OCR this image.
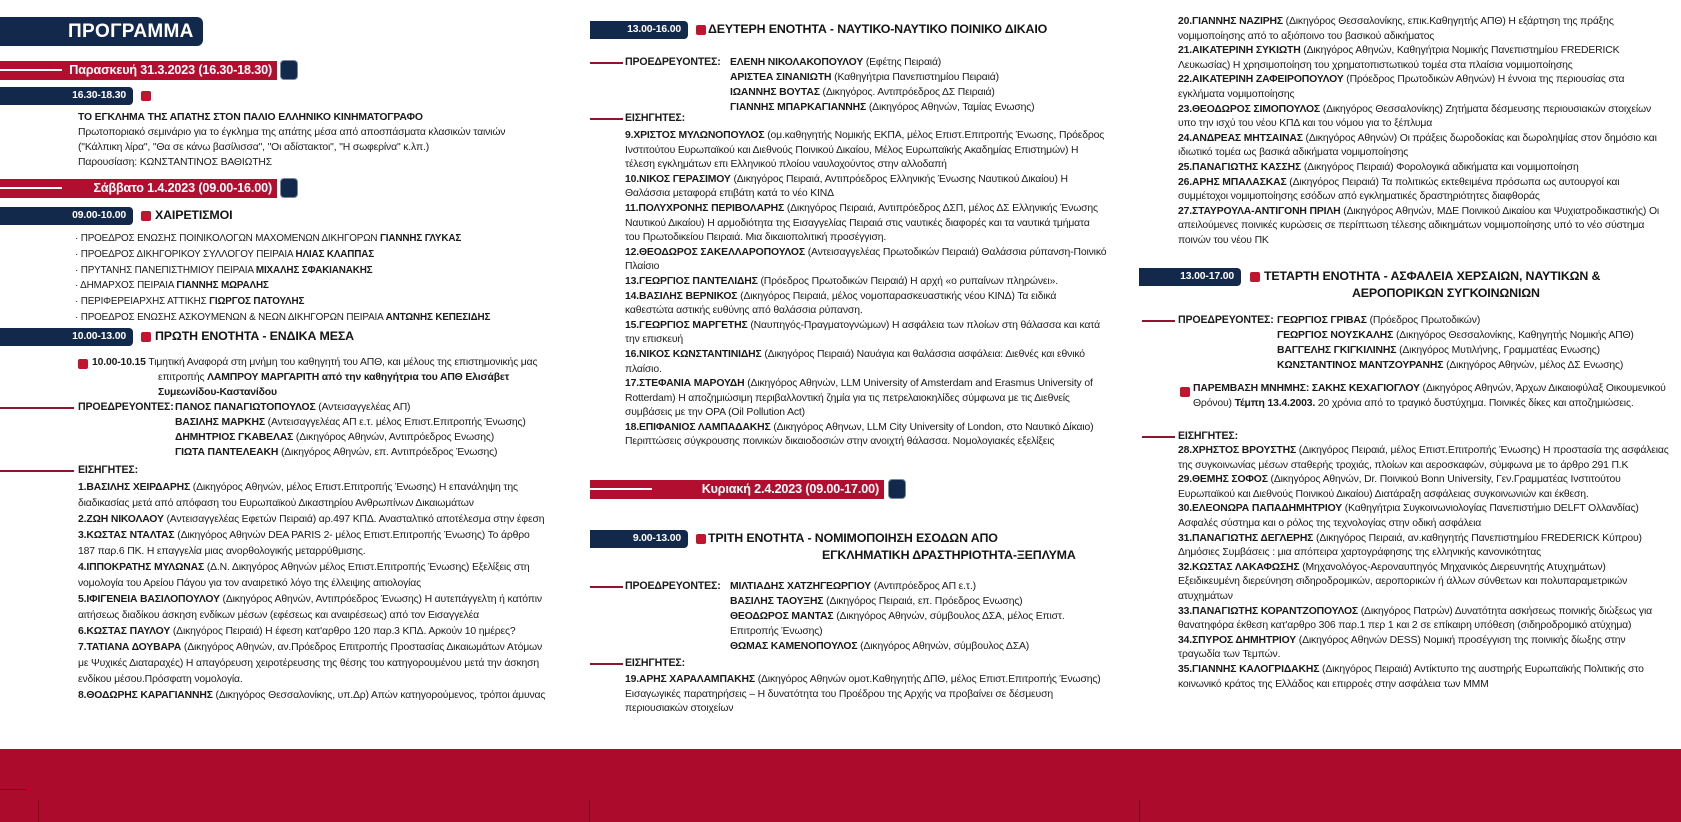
ΠΡΟΓΡΑΜΜΑ
Παρασκευή 31.3.2023 (16.30-18.30)
16.30-18.30
ΤΟ ΕΓΚΛΗΜΑ ΤΗΣ ΑΠΑΤΗΣ ΣΤΟΝ ΠΑΛΙΟ ΕΛΛΗΝΙΚΟ ΚΙΝΗΜΑΤΟΓΡΑΦΟ
Πρωτοποριακό σεμινάριο για το έγκλημα της απάτης μέσα από αποσπάσματα κλασικών ταινιών ("Κάλπικη λίρα", "Θα σε κάνω βασίλισσα", "Οι αδίστακτοι", "Η σωφερίνα" κ.λπ.)
Παρουσίαση: ΚΩΝΣΤΑΝΤΙΝΟΣ ΒΑΘΙΩΤΗΣ
Σάββατο 1.4.2023 (09.00-16.00)
09.00-10.00	ΧΑΙΡΕΤΙΣΜΟΙ
· ΠΡΟΕΔΡΟΣ ΕΝΩΣΗΣ ΠΟΙΝΙΚΟΛΟΓΩΝ ΜΑΧΟΜΕΝΩΝ ΔΙΚΗΓΟΡΩΝ ΓΙΑΝΝΗΣ ΓΛΥΚΑΣ
· ΠΡΟΕΔΡΟΣ ΔΙΚΗΓΟΡΙΚΟΥ ΣΥΛΛΟΓΟΥ ΠΕΙΡΑΙΑ ΗΛΙΑΣ ΚΛΑΠΠΑΣ
· ΠΡΥΤΑΝΗΣ ΠΑΝΕΠΙΣΤΗΜΙΟΥ ΠΕΙΡΑΙΑ ΜΙΧΑΛΗΣ ΣΦΑΚΙΑΝΑΚΗΣ
· ΔΗΜΑΡΧΟΣ ΠΕΙΡΑΙΑ ΓΙΑΝΝΗΣ ΜΩΡΑΛΗΣ
· ΠΕΡΙΦΕΡΕΙΑΡΧΗΣ ΑΤΤΙΚΗΣ ΓΙΩΡΓΟΣ ΠΑΤΟΥΛΗΣ
· ΠΡΟΕΔΡΟΣ ΕΝΩΣΗΣ ΑΣΚΟΥΜΕΝΩΝ & ΝΕΩΝ ΔΙΚΗΓΟΡΩΝ ΠΕΙΡΑΙΑ ΑΝΤΩΝΗΣ ΚΕΠΕΣΙΔΗΣ
10.00-13.00	ΠΡΩΤΗ ΕΝΟΤΗΤΑ - ΕΝΔΙΚΑ ΜΕΣΑ
10.00-10.15 Τιμητική Αναφορά στη μνήμη του καθηγητή του ΑΠΘ, και μέλους της επιστημονικής μας επιτροπής ΛΑΜΠΡΟΥ ΜΑΡΓΑΡΙΤΗ από την καθηγήτρια του ΑΠΘ Ελισάβετ Συμεωνίδου-Καστανίδου
ΠΡΟΕΔΡΕΥΟΝΤΕΣ: ΠΑΝΟΣ ΠΑΝΑΓΙΩΤΟΠΟΥΛΟΣ (Αντεισαγγελέας ΑΠ)
ΒΑΣΙΛΗΣ ΜΑΡΚΗΣ (Αντεισαγγελέας ΑΠ ε.τ. μέλος Επιστ.Επιτροπής Ένωσης)
ΔΗΜΗΤΡΙΟΣ ΓΚΑΒΕΛΑΣ (Δικηγόρος Αθηνών, Αντιπρόεδρος Ενωσης)
ΓΙΩΤΑ ΠΑΝΤΕΛΕΑΚΗ (Δικηγόρος Αθηνών, επ. Αντιπρόεδρος Ένωσης)
ΕΙΣΗΓΗΤΕΣ:
1.ΒΑΣΙΛΗΣ ΧΕΙΡΔΑΡΗΣ (Δικηγόρος Αθηνών, μέλος Επιστ.Επιτροπής Ένωσης) Η επανάληψη της διαδικασίας μετά από απόφαση του Ευρωπαϊκού Δικαστηρίου Ανθρωπίνων Δικαιωμάτων
2.ΖΩΗ ΝΙΚΟΛΑΟΥ (Αντεισαγγελέας Εφετών Πειραιά) αρ.497 ΚΠΔ. Ανασταλτικό αποτέλεσμα στην έφεση
3.ΚΩΣΤΑΣ ΝΤΑΛΤΑΣ (Δικηγόρος Αθηνών DEA PARIS 2- μέλος Επιστ.Επιτροπής Ένωσης) Το άρθρο 187 παρ.6 ΠΚ. Η επαγγελία μιας ανορθολογικής μεταρρύθμισης.
4.ΙΠΠΟΚΡΑΤΗΣ ΜΥΛΩΝΑΣ (Δ.Ν. Δικηγόρος Αθηνών μέλος Επιστ.Επιτροπής Ένωσης) Εξελίξεις στη νομολογία του Αρείου Πάγου για τον αναιρετικό λόγο της έλλειψης αιτιολογίας
5.ΙΦΙΓΕΝΕΙΑ ΒΑΣΙΛΟΠΟΥΛΟΥ (Δικηγόρος Αθηνών, Αντιπρόεδρος Ένωσης) Η αυτεπάγγελτη ή κατόπιν αιτήσεως διαδίκου άσκηση ενδίκων μέσων (εφέσεως και αναιρέσεως) από τον Εισαγγελέα
6.ΚΩΣΤΑΣ ΠΑΥΛΟΥ (Δικηγόρος Πειραιά) Η έφεση κατ'αρθρο 120 παρ.3 ΚΠΔ. Αρκούν 10 ημέρες?
7.ΤΑΤΙΑΝΑ ΔΟΥΒΑΡΑ (Δικηγόρος Αθηνών, αν.Πρόεδρος Επιτροπής Προστασίας Δικαιωμάτων Ατόμων με Ψυχικές Διαταραχές) Η απαγόρευση χειροτέρευσης της θέσης του κατηγορουμένου μετά την άσκηση ενδίκου μέσου.Πρόσφατη νομολογία.
8.ΘΟΔΩΡΗΣ ΚΑΡΑΓΙΑΝΝΗΣ (Δικηγόρος Θεσσαλονίκης, υπ.Δρ) Απών κατηγορούμενος, τρόποι άμυνας
13.00-16.00	ΔΕΥΤΕΡΗ ΕΝΟΤΗΤΑ - ΝΑΥΤΙΚΟ-ΝΑΥΤΙΚΟ ΠΟΙΝΙΚΟ ΔΙΚΑΙΟ
ΠΡΟΕΔΡΕΥΟΝΤΕΣ: ΕΛΕΝΗ ΝΙΚΟΛΑΚΟΠΟΥΛΟΥ (Εφέτης Πειραιά)
ΑΡΙΣΤΕΑ ΣΙΝΑΝΙΩΤΗ (Καθηγήτρια Πανεπιστημίου Πειραιά)
ΙΩΑΝΝΗΣ ΒΟΥΤΑΣ (Δικηγόρος. Αντιπρόεδρος ΔΣ Πειραιά)
ΓΙΑΝΝΗΣ ΜΠΑΡΚΑΓΙΑΝΝΗΣ (Δικηγόρος Αθηνών, Ταμίας Ενωσης)
ΕΙΣΗΓΗΤΕΣ:
9.ΧΡΙΣΤΟΣ ΜΥΛΩΝΟΠΟΥΛΟΣ (ομ.καθηγητής Νομικής ΕΚΠΑ, μέλος Επιστ.Επιτροπής Ένωσης, Πρόεδρος Ινστιτούτου Ευρωπαϊκού και Διεθνούς Ποινικού Δικαίου, Μέλος Ευρωπαϊκής Ακαδημίας Επιστημών) Η τέλεση εγκλημάτων επι Ελληνικού πλοίου ναυλοχούντος στην αλλοδαπή
10.ΝΙΚΟΣ ΓΕΡΑΣΙΜΟΥ (Δικηγόρος Πειραιά, Αντιπρόεδρος Ελληνικής Ένωσης Ναυτικού Δικαίου) Η Θαλάσσια μεταφορά επιβάτη κατά το νέο ΚΙΝΔ
11.ΠΟΛΥΧΡΟΝΗΣ ΠΕΡΙΒΟΛΑΡΗΣ (Δικηγόρος Πειραιά, Αντιπρόεδρος ΔΣΠ, μέλος ΔΣ Ελληνικής Ένωσης Ναυτικού Δικαίου) Η αρμοδιότητα της Εισαγγελίας Πειραιά στις ναυτικές διαφορές και τα ναυτικά τμήματα του Πρωτοδικείου Πειραιά. Μια δικαιοπολιτική προσέγγιση.
12.ΘΕΟΔΩΡΟΣ ΣΑΚΕΛΛΑΡΟΠΟΥΛΟΣ (Αντεισαγγελέας Πρωτοδικών Πειραιά) Θαλάσσια ρύπανση-Ποινικό Πλαίσιο
13.ΓΕΩΡΓΙΟΣ ΠΑΝΤΕΛΙΔΗΣ (Πρόεδρος Πρωτοδικών Πειραιά) Η αρχή «ο ρυπαίνων πληρώνει».
14.ΒΑΣΙΛΗΣ ΒΕΡΝΙΚΟΣ (Δικηγόρος Πειραιά, μέλος νομοπαρασκευαστικής νέου ΚΙΝΔ) Τα ειδικά καθεστώτα αστικής ευθύνης από θαλάσσια ρύπανση.
15.ΓΕΩΡΓΙΟΣ ΜΑΡΓΕΤΗΣ (Ναυπηγός-Πραγματογνώμων) Η ασφάλεια των πλοίων στη θάλασσα και κατά την επισκευή
16.ΝΙΚΟΣ ΚΩΝΣΤΑΝΤΙΝΙΔΗΣ (Δικηγόρος Πειραιά) Ναυάγια και θαλάσσια ασφάλεια: Διεθνές και εθνικό πλαίσιο.
17.ΣΤΕΦΑΝΙΑ ΜΑΡΟΥΔΗ (Δικηγόρος Αθηνών, LLM University of Amsterdam and Erasmus University of Rotterdam) Η αποζημιώσιμη περιβαλλοντική ζημία για τις πετρελαιοκηλίδες σύμφωνα με τις Διεθνείς συμβάσεις με την OPA (Oil Pollution Act)
18.ΕΠΙΦΑΝΙΟΣ ΛΑΜΠΑΔΑΚΗΣ (Δικηγόρος Αθηνων, LLM City University of London, στο Ναυτικό Δίκαιο) Περιπτώσεις σύγκρουσης ποινικών δικαιοδοσιών στην ανοιχτή θάλασσα. Νομολογιακές εξελίξεις
Κυριακή 2.4.2023 (09.00-17.00)
9.00-13.00	ΤΡΙΤΗ ΕΝΟΤΗΤΑ - ΝΟΜΙΜΟΠΟΙΗΣΗ ΕΣΟΔΩΝ ΑΠΟ
ΕΓΚΛΗΜΑΤΙΚΗ ΔΡΑΣΤΗΡΙΟΤΗΤΑ-ΞΕΠΛΥΜΑ
ΠΡΟΕΔΡΕΥΟΝΤΕΣ: ΜΙΛΤΙΑΔΗΣ ΧΑΤΖΗΓΕΩΡΓΙΟΥ (Αντιπρόεδρος ΑΠ ε.τ.)
ΒΑΣΙΛΗΣ ΤΑΟΥΞΗΣ (Δικηγόρος Πειραιά, επ. Πρόεδρος Ενωσης)
ΘΕΟΔΩΡΟΣ ΜΑΝΤΑΣ (Δικηγόρος Αθηνών, σύμβουλος ΔΣΑ, μέλος Επιστ. Επιτροπής Ένωσης)
ΘΩΜΑΣ ΚΑΜΕΝΟΠΟΥΛΟΣ (Δικηγόρος Αθηνών, σύμβουλος ΔΣΑ)
ΕΙΣΗΓΗΤΕΣ:
19.ΑΡΗΣ ΧΑΡΑΛΑΜΠΑΚΗΣ (Δικηγόρος Αθηνών ομοτ.Καθηγητής ΔΠΘ, μέλος Επιστ.Επιτροπής Ένωσης) Εισαγωγικές παρατηρήσεις – Η δυνατότητα του Προέδρου της Αρχής να προβαίνει σε δέσμευση περιουσιακών στοιχείων
20.ΓΙΑΝΝΗΣ ΝΑΖΙΡΗΣ (Δικηγόρος Θεσσαλονίκης, επικ.Καθηγητής ΑΠΘ) Η εξάρτηση της πράξης νομιμοποίησης από το αξιόποινο του βασικού αδικήματος
21.ΑΙΚΑΤΕΡΙΝΗ ΣΥΚΙΩΤΗ (Δικηγόρος Αθηνών, Καθηγήτρια Νομικής Πανεπιστημίου FREDERICK Λευκωσίας) Η χρησιμοποίηση του χρηματοπιστωτικού τομέα στα πλαίσια νομιμοποίησης
22.ΑΙΚΑΤΕΡΙΝΗ ΖΑΦΕΙΡΟΠΟΥΛΟΥ (Πρόεδρος Πρωτοδικών Αθηνών) Η έννοια της περιουσίας στα εγκλήματα νομιμοποίησης
23.ΘΕΟΔΩΡΟΣ ΣΙΜΟΠΟΥΛΟΣ (Δικηγόρος Θεσσαλονίκης) Ζητήματα δέσμευσης περιουσιακών στοιχείων υπο την ισχύ του νέου ΚΠΔ και του νόμου για το ξέπλυμα
24.ΑΝΔΡΕΑΣ ΜΗΤΣΑΙΝΑΣ (Δικηγόρος Αθηνών) Οι πράξεις δωροδοκίας και δωροληψίας στον δημόσιο και ιδιωτικό τομέα ως βασικά αδικήματα νομιμοποίησης
25.ΠΑΝΑΓΙΩΤΗΣ ΚΑΣΣΗΣ (Δικηγόρος Πειραιά) Φορολογικά αδικήματα και νομιμοποίηση
26.ΑΡΗΣ ΜΠΑΛΑΣΚΑΣ (Δικηγόρος Πειραιά) Τα πολιτικώς εκτεθειμένα πρόσωπα ως αυτουργοί και συμμέτοχοι νομιμοποίησης εσόδων από εγκληματικές δραστηριότητες διαφθοράς
27.ΣΤΑΥΡΟΥΛΑ-ΑΝΤΙΓΟΝΗ ΠΡΙΛΗ (Δικηγόρος Αθηνών, ΜΔΕ Ποινικού Δικαίου και Ψυχιατροδικαστικής) Οι απειλούμενες ποινικές κυρώσεις σε περίπτωση τέλεσης αδικημάτων νομιμοποίησης υπό το νέο σύστημα ποινών του νέου ΠΚ
13.00-17.00	ΤΕΤΑΡΤΗ ΕΝΟΤΗΤΑ - ΑΣΦΑΛΕΙΑ ΧΕΡΣΑΙΩΝ, ΝΑΥΤΙΚΩΝ &
ΑΕΡΟΠΟΡΙΚΩΝ ΣΥΓΚΟΙΝΩΝΙΩΝ
ΠΡΟΕΔΡΕΥΟΝΤΕΣ: ΓΕΩΡΓΙΟΣ ΓΡΙΒΑΣ (Πρόεδρος Πρωτοδικών)
ΓΕΩΡΓΙΟΣ ΝΟΥΣΚΑΛΗΣ (Δικηγόρος Θεσσαλονίκης, Καθηγητής Νομικής ΑΠΘ)
ΒΑΓΓΕΛΗΣ ΓΚΙΓΚΙΛΙΝΗΣ (Δικηγόρος Μυτιλήνης, Γραμματέας Ενωσης)
ΚΩΝΣΤΑΝΤΙΝΟΣ ΜΑΝΤΖΟΥΡΑΝΗΣ (Δικηγόρος Αθηνών, μέλος ΔΣ Ενωσης)
ΠΑΡΕΜΒΑΣΗ ΜΝΗΜΗΣ: ΣΑΚΗΣ ΚΕΧΑΓΙΟΓΛΟΥ (Δικηγόρος Αθηνών, Άρχων Δικαιοφύλαξ Οικουμενικού Θρόνου) Τέμπη 13.4.2003. 20 χρόνια από το τραγικό δυστύχημα. Ποινικές δίκες και αποζημιώσεις.
ΕΙΣΗΓΗΤΕΣ:
28.ΧΡΗΣΤΟΣ ΒΡΟΥΣΤΗΣ (Δικηγόρος Πειραιά, μέλος Επιστ.Επιτροπής Ένωσης) Η προστασία της ασφάλειας της συγκοινωνίας μέσων σταθερής τροχιάς, πλοίων και αεροσκαφών, σύμφωνα με το άρθρο 291 Π.Κ
29.ΘΕΜΗΣ ΣΟΦΟΣ (Δικηγόρος Αθηνών, Dr. Ποινικού Bonn University, Γεν.Γραμματέας Ινστιτούτου Ευρωπαϊκού και Διεθνούς Ποινικού Δικαίου) Διατάραξη ασφάλειας συγκοινωνιών και έκθεση.
30.ΕΛΕΟΝΩΡΑ ΠΑΠΑΔΗΜΗΤΡΙΟΥ (Καθηγήτρια Συγκοινωνιολογίας Πανεπιστήμιο DELFT Ολλανδίας) Ασφαλές σύστημα και ο ρόλος της τεχνολογίας στην οδική ασφάλεια
31.ΠΑΝΑΓΙΩΤΗΣ ΔΕΓΛΕΡΗΣ (Δικηγόρος Πειραιά, αν.καθηγητής Πανεπιστημίου FREDERICK Κύπρου) Δημόσιες Συμβάσεις : μια απόπειρα χαρτογράφησης της ελληνικής κανονικότητας
32.ΚΩΣΤΑΣ ΛΑΚΑΦΩΣΗΣ (Μηχανολόγος-Αεροναυπηγός Μηχανικός Διερευνητής Ατυχημάτων) Εξειδικευμένη διερεύνηση σιδηροδρομικών, αεροπορικών ή άλλων σύνθετων και πολυπαραμετρικών ατυχημάτων
33.ΠΑΝΑΓΙΩΤΗΣ ΚΟΡΑΝΤΖΟΠΟΥΛΟΣ (Δικηγόρος Πατρών) Δυνατότητα ασκήσεως ποινικής διώξεως για θανατηφόρα έκθεση κατ'αρθρο 306 παρ.1 περ 1 και 2 σε επίκαιρη υπόθεση (σιδηροδρομικό ατύχημα)
34.ΣΠΥΡΟΣ ΔΗΜΗΤΡΙΟΥ (Δικηγόρος Αθηνών DESS) Νομική προσέγγιση της ποινικής δίωξης στην τραγωδία των Τεμπών.
35.ΓΙΑΝΝΗΣ ΚΑΛΟΓΡΙΔΑΚΗΣ (Δικηγόρος Πειραιά) Αντίκτυπο της αυστηρής Ευρωπαϊκής Πολιτικής στο κοινωνικό κράτος της Ελλάδος και επιρροές στην ασφάλεια των ΜΜΜ
